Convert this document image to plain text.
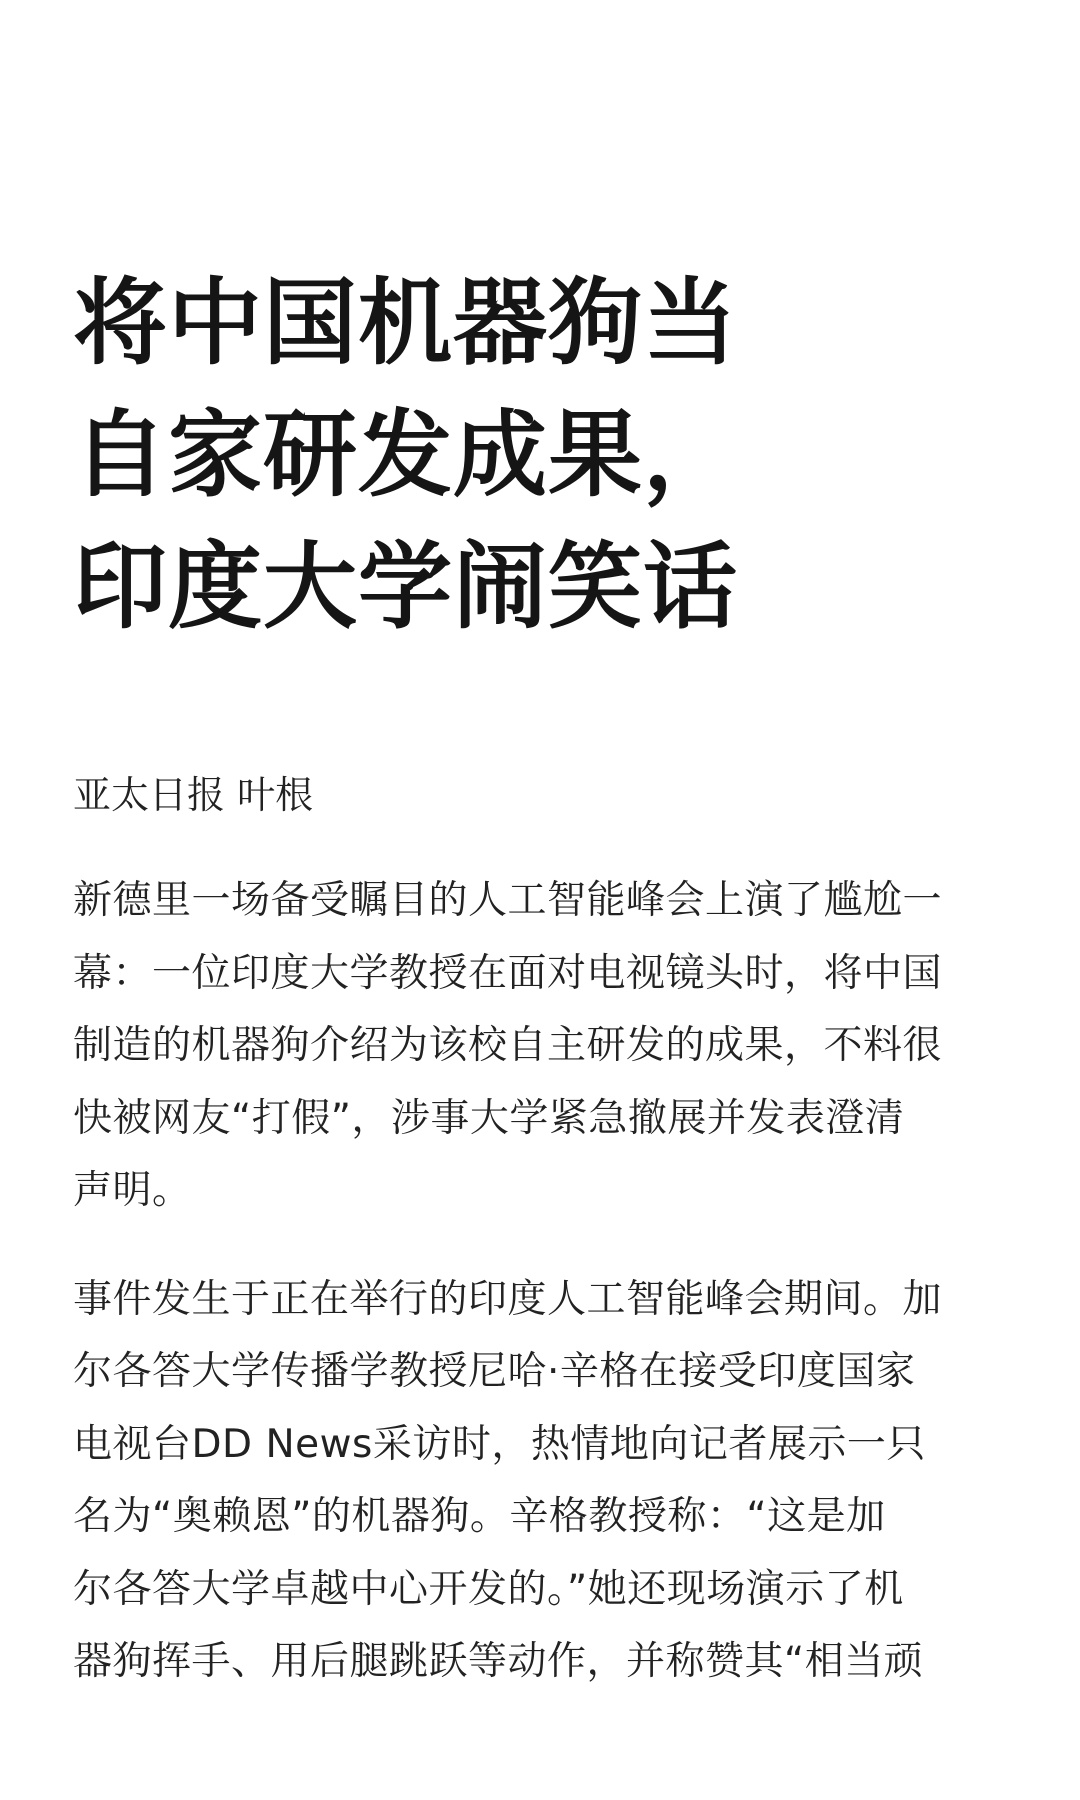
将中国机器狗当
自家研发成果，
印度大学闹笑话
亚太日报 叶根

新德里一场备受瞩目的人工智能峰会上演了尴尬一
幕：一位印度大学教授在面对电视镜头时，将中国
制造的机器狗介绍为该校自主研发的成果，不料很
快被网友“打假”，涉事大学紧急撤展并发表澄清
声明。

事件发生于正在举行的印度人工智能峰会期间。加
尔各答大学传播学教授尼哈·辛格在接受印度国家
电视台DD News采访时，热情地向记者展示一只
名为“奥赖恩”的机器狗。辛格教授称：“这是加
尔各答大学卓越中心开发的。”她还现场演示了机
器狗挥手、用后腿跳跃等动作，并称赞其“相当顽
